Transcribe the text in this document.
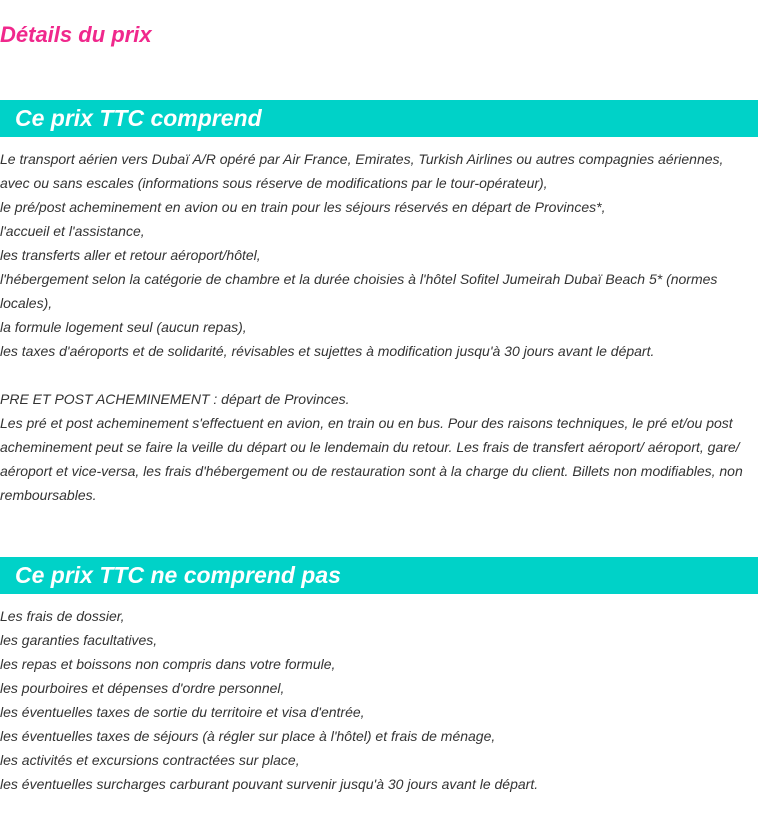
Détails du prix
Ce prix TTC comprend
Le transport aérien vers Dubaï A/R opéré par Air France, Emirates, Turkish Airlines ou autres compagnies aériennes,
avec ou sans escales (informations sous réserve de modifications par le tour-opérateur),
le pré/post acheminement en avion ou en train pour les séjours réservés en départ de Provinces*,
l'accueil et l'assistance,
les transferts aller et retour aéroport/hôtel,
l'hébergement selon la catégorie de chambre et la durée choisies à l'hôtel Sofitel Jumeirah Dubaï Beach 5* (normes
locales),
la formule logement seul (aucun repas),
les taxes d'aéroports et de solidarité, révisables et sujettes à modification jusqu'à 30 jours avant le départ.
PRE ET POST ACHEMINEMENT : départ de Provinces.
Les pré et post acheminement s'effectuent en avion, en train ou en bus. Pour des raisons techniques, le pré et/ou post
acheminement peut se faire la veille du départ ou le lendemain du retour. Les frais de transfert aéroport/ aéroport, gare/
aéroport et vice-versa, les frais d'hébergement ou de restauration sont à la charge du client. Billets non modifiables, non
remboursables.
Ce prix TTC ne comprend pas
Les frais de dossier,
les garanties facultatives,
les repas et boissons non compris dans votre formule,
les pourboires et dépenses d'ordre personnel,
les éventuelles taxes de sortie du territoire et visa d'entrée,
les éventuelles taxes de séjours (à régler sur place à l'hôtel) et frais de ménage,
les activités et excursions contractées sur place,
les éventuelles surcharges carburant pouvant survenir jusqu'à 30 jours avant le départ.
